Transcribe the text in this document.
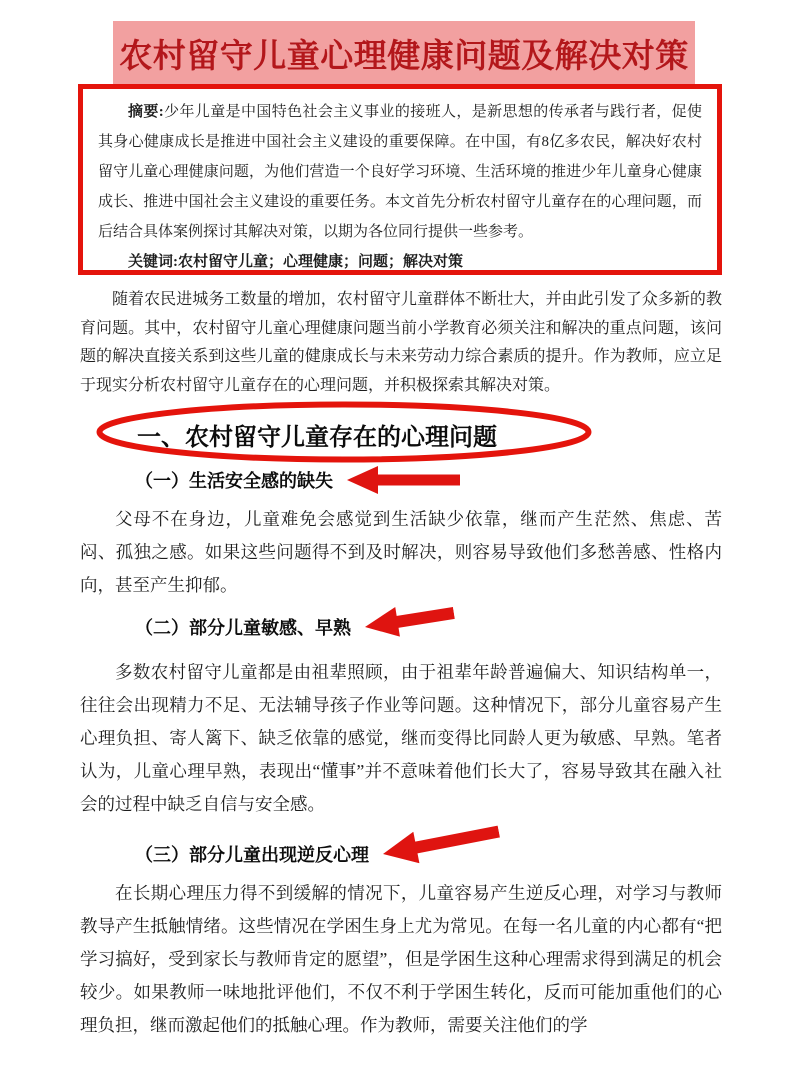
农村留守儿童心理健康问题及解决对策

摘要:少年儿童是中国特色社会主义事业的接班人，是新思想的传承者与践行者，促使其身心健康成长是推进中国社会主义建设的重要保障。在中国，有8亿多农民，解决好农村留守儿童心理健康问题，为他们营造一个良好学习环境、生活环境的推进少年儿童身心健康成长、推进中国社会主义建设的重要任务。本文首先分析农村留守儿童存在的心理问题，而后结合具体案例探讨其解决对策，以期为各位同行提供一些参考。

关键词:农村留守儿童；心理健康；问题；解决对策

随着农民进城务工数量的增加，农村留守儿童群体不断壮大，并由此引发了众多新的教育问题。其中，农村留守儿童心理健康问题当前小学教育必须关注和解决的重点问题，该问题的解决直接关系到这些儿童的健康成长与未来劳动力综合素质的提升。作为教师，应立足于现实分析农村留守儿童存在的心理问题，并积极探索其解决对策。

一、农村留守儿童存在的心理问题
（一）生活安全感的缺失

父母不在身边，儿童难免会感觉到生活缺少依靠，继而产生茫然、焦虑、苦闷、孤独之感。如果这些问题得不到及时解决，则容易导致他们多愁善感、性格内向，甚至产生抑郁。

（二）部分儿童敏感、早熟

多数农村留守儿童都是由祖辈照顾，由于祖辈年龄普遍偏大、知识结构单一，往往会出现精力不足、无法辅导孩子作业等问题。这种情况下，部分儿童容易产生心理负担、寄人篱下、缺乏依靠的感觉，继而变得比同龄人更为敏感、早熟。笔者认为，儿童心理早熟，表现出“懂事”并不意味着他们长大了，容易导致其在融入社会的过程中缺乏自信与安全感。

（三）部分儿童出现逆反心理

在长期心理压力得不到缓解的情况下，儿童容易产生逆反心理，对学习与教师教导产生抵触情绪。这些情况在学困生身上尤为常见。在每一名儿童的内心都有“把学习搞好，受到家长与教师肯定的愿望”，但是学困生这种心理需求得到满足的机会较少。如果教师一味地批评他们，不仅不利于学困生转化，反而可能加重他们的心理负担，继而激起他们的抵触心理。作为教师，需要关注他们的学
